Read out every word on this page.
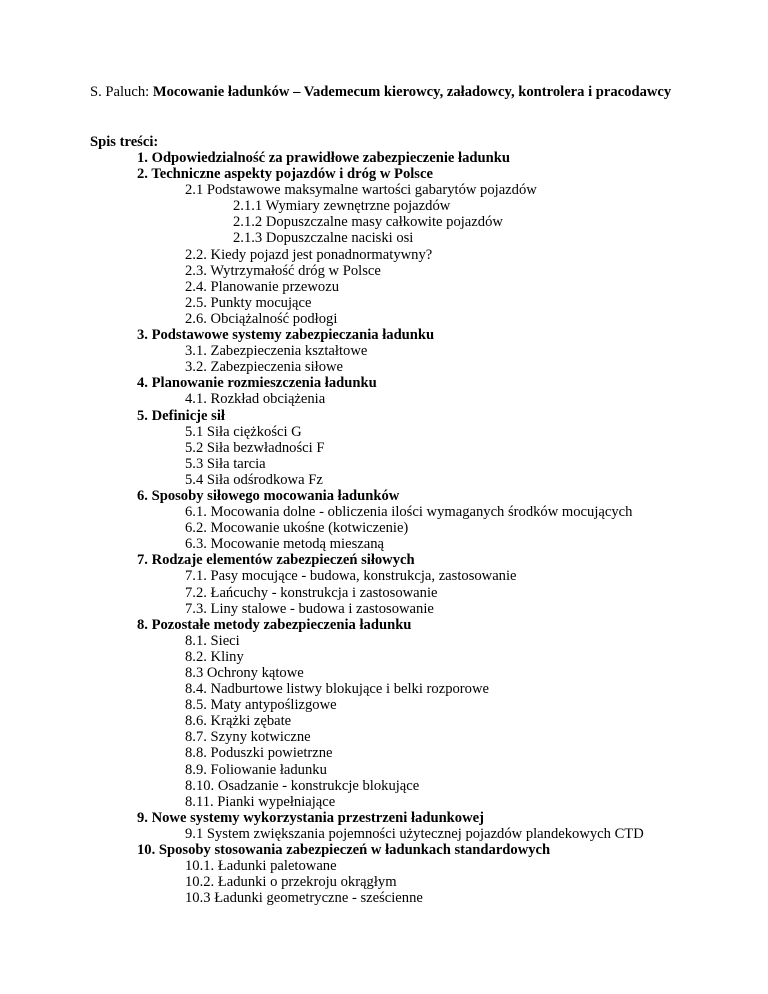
S. Paluch: Mocowanie ładunków – Vademecum kierowcy, załadowcy, kontrolera i pracodawcy

Spis treści:

1. Odpowiedzialność za prawidłowe zabezpieczenie ładunku
2. Techniczne aspekty pojazdów i dróg w Polsce
2.1 Podstawowe maksymalne wartości gabarytów pojazdów
2.1.1 Wymiary zewnętrzne pojazdów
2.1.2 Dopuszczalne masy całkowite pojazdów
2.1.3 Dopuszczalne naciski osi
2.2. Kiedy pojazd jest ponadnormatywny?
2.3. Wytrzymałość dróg w Polsce
2.4. Planowanie przewozu
2.5. Punkty mocujące
2.6. Obciążalność podłogi
3. Podstawowe systemy zabezpieczania ładunku
3.1. Zabezpieczenia kształtowe
3.2. Zabezpieczenia siłowe
4. Planowanie rozmieszczenia ładunku
4.1. Rozkład obciążenia
5. Definicje sił
5.1 Siła ciężkości G
5.2 Siła bezwładności F
5.3 Siła tarcia
5.4 Siła odśrodkowa Fz
6. Sposoby siłowego mocowania ładunków
6.1. Mocowania dolne - obliczenia ilości wymaganych środków mocujących
6.2. Mocowanie ukośne (kotwiczenie)
6.3. Mocowanie metodą mieszaną
7. Rodzaje elementów zabezpieczeń siłowych
7.1. Pasy mocujące - budowa, konstrukcja, zastosowanie
7.2. Łańcuchy - konstrukcja i zastosowanie
7.3. Liny stalowe - budowa i zastosowanie
8. Pozostałe metody zabezpieczenia ładunku
8.1. Sieci
8.2. Kliny
8.3 Ochrony kątowe
8.4. Nadburtowe listwy blokujące i belki rozporowe
8.5. Maty antypoślizgowe
8.6. Krążki zębate
8.7. Szyny kotwiczne
8.8. Poduszki powietrzne
8.9. Foliowanie ładunku
8.10. Osadzanie - konstrukcje blokujące
8.11. Pianki wypełniające
9. Nowe systemy wykorzystania przestrzeni ładunkowej
9.1 System zwiększania pojemności użytecznej pojazdów plandekowych CTD
10. Sposoby stosowania zabezpieczeń w ładunkach standardowych
10.1. Ładunki paletowane
10.2. Ładunki o przekroju okrągłym
10.3 Ładunki geometryczne - sześcienne
